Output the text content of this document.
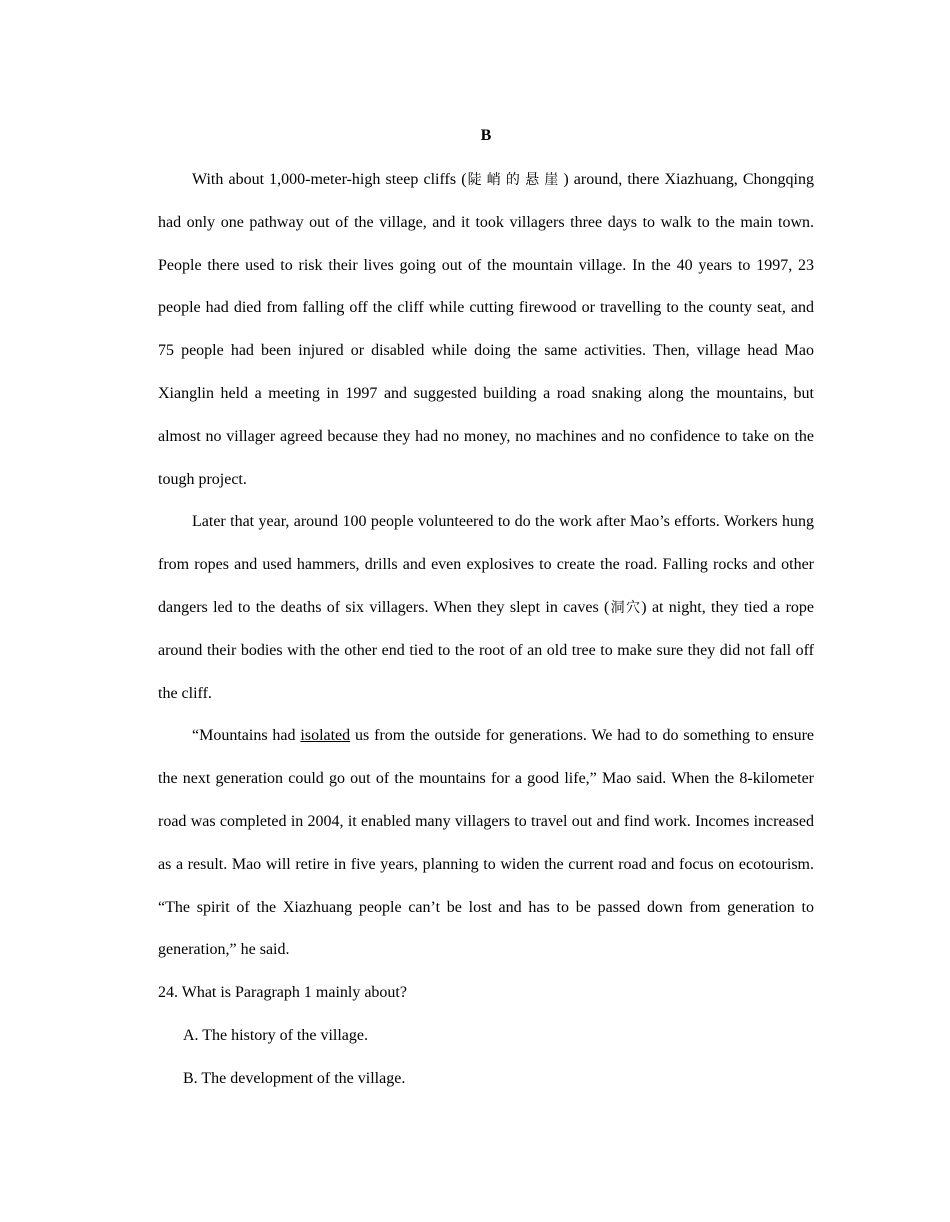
B

With about 1,000-meter-high steep cliffs (陡峭的悬崖) around, there Xiazhuang, Chongqing had only one pathway out of the village, and it took villagers three days to walk to the main town. People there used to risk their lives going out of the mountain village. In the 40 years to 1997, 23 people had died from falling off the cliff while cutting firewood or travelling to the county seat, and 75 people had been injured or disabled while doing the same activities. Then, village head Mao Xianglin held a meeting in 1997 and suggested building a road snaking along the mountains, but almost no villager agreed because they had no money, no machines and no confidence to take on the tough project.

Later that year, around 100 people volunteered to do the work after Mao’s efforts. Workers hung from ropes and used hammers, drills and even explosives to create the road. Falling rocks and other dangers led to the deaths of six villagers. When they slept in caves (洞穴) at night, they tied a rope around their bodies with the other end tied to the root of an old tree to make sure they did not fall off the cliff.

“Mountains had isolated us from the outside for generations. We had to do something to ensure the next generation could go out of the mountains for a good life,” Mao said. When the 8-kilometer road was completed in 2004, it enabled many villagers to travel out and find work. Incomes increased as a result. Mao will retire in five years, planning to widen the current road and focus on ecotourism. “The spirit of the Xiazhuang people can’t be lost and has to be passed down from generation to generation,” he said.

24. What is Paragraph 1 mainly about?

A. The history of the village.

B. The development of the village.
